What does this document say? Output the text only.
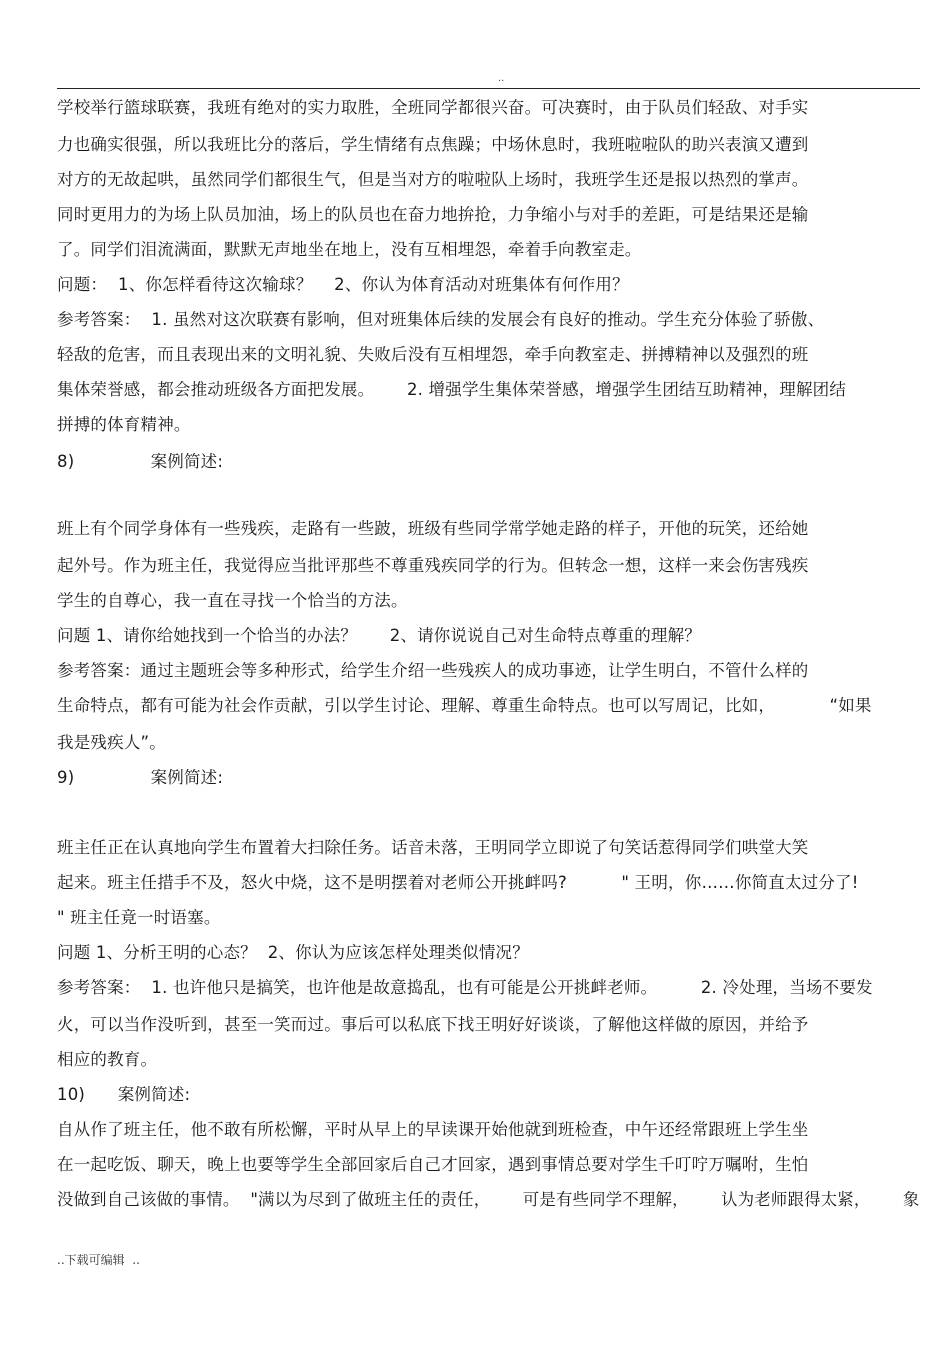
..

学校举行篮球联赛，我班有绝对的实力取胜，全班同学都很兴奋。可决赛时，由于队员们轻敌、对手实

力也确实很强，所以我班比分的落后，学生情绪有点焦躁；中场休息时，我班啦啦队的助兴表演又遭到

对方的无故起哄，虽然同学们都很生气，但是当对方的啦啦队上场时，我班学生还是报以热烈的掌声。

同时更用力的为场上队员加油，场上的队员也在奋力地拚抢，力争缩小与对手的差距，可是结果还是输

了。同学们泪流满面，默默无声地坐在地上，没有互相埋怨，牵着手向教室走。

问题：  1、你怎样看待这次输球？    2、你认为体育活动对班集体有何作用？

参考答案：  1. 虽然对这次联赛有影响，但对班集体后续的发展会有良好的推动。学生充分体验了骄傲、

轻敌的危害，而且表现出来的文明礼貌、失败后没有互相埋怨，牵手向教室走、拼搏精神以及强烈的班

集体荣誉感，都会推动班级各方面把发展。      2. 增强学生集体荣誉感，增强学生团结互助精神，理解团结

拼搏的体育精神。

8)              案例简述:

班上有个同学身体有一些残疾，走路有一些跛，班级有些同学常学她走路的样子，开他的玩笑，还给她

起外号。作为班主任，我觉得应当批评那些不尊重残疾同学的行为。但转念一想，这样一来会伤害残疾

学生的自尊心，我一直在寻找一个恰当的方法。

问题 1、请你给她找到一个恰当的办法？      2、请你说说自己对生命特点尊重的理解？

参考答案：通过主题班会等多种形式，给学生介绍一些残疾人的成功事迹，让学生明白，不管什么样的

生命特点，都有可能为社会作贡献，引以学生讨论、理解、尊重生命特点。也可以写周记，比如，          “如果

我是残疾人”。

9)              案例简述:

班主任正在认真地向学生布置着大扫除任务。话音未落，王明同学立即说了句笑话惹得同学们哄堂大笑

起来。班主任措手不及，怒火中烧，这不是明摆着对老师公开挑衅吗?          " 王明，你……你简直太过分了!

" 班主任竟一时语塞。

问题 1、分析王明的心态？  2、你认为应该怎样处理类似情况？

参考答案：  1. 也许他只是搞笑，也许他是故意捣乱，也有可能是公开挑衅老师。        2. 冷处理，当场不要发

火，可以当作没听到，甚至一笑而过。事后可以私底下找王明好好谈谈，了解他这样做的原因，并给予

相应的教育。

10)      案例简述:

自从作了班主任，他不敢有所松懈，平时从早上的早读课开始他就到班检查，中午还经常跟班上学生坐

在一起吃饭、聊天，晚上也要等学生全部回家后自己才回家，遇到事情总要对学生千叮咛万嘱咐，生怕

没做到自己该做的事情。  "满以为尽到了做班主任的责任，      可是有些同学不理解，      认为老师跟得太紧，      象

..下载可编辑  ..
